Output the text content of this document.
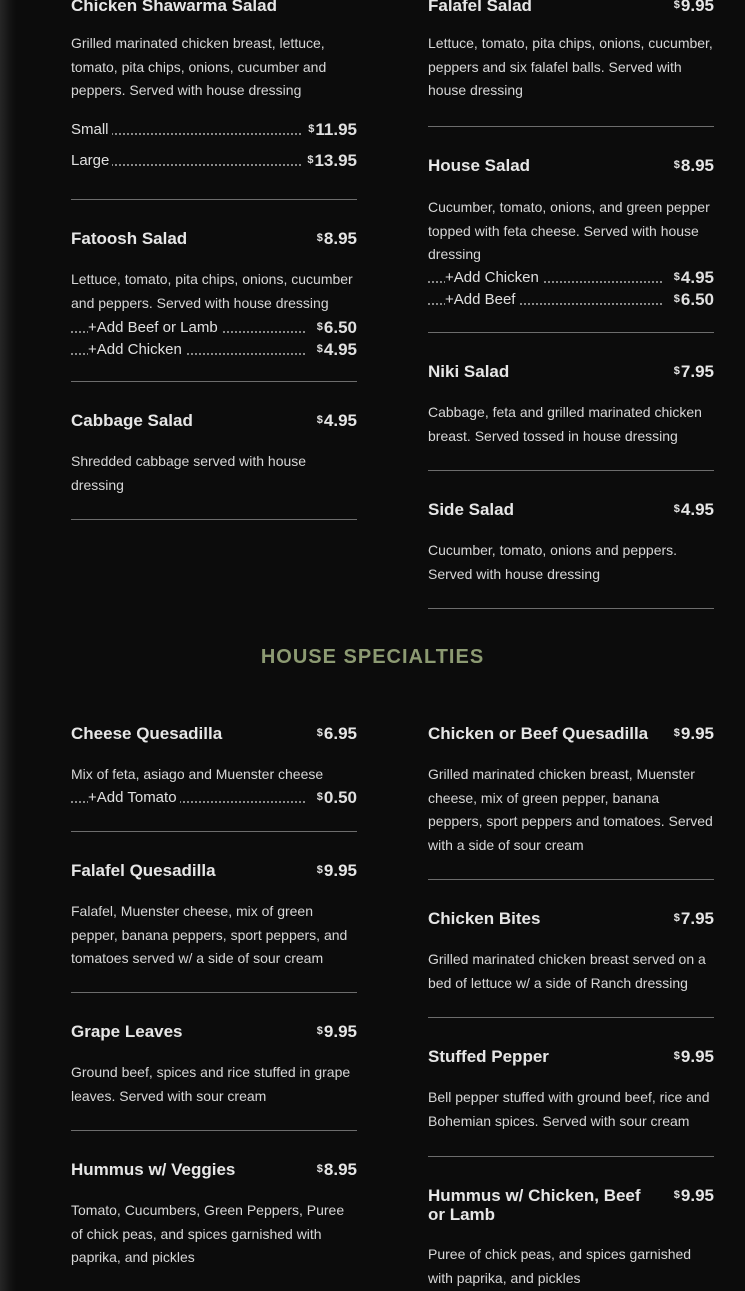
Chicken Shawarma Salad
Grilled marinated chicken breast, lettuce, tomato, pita chips, onions, cucumber and peppers. Served with house dressing
Small	$11.95
Large	$13.95
Fatoosh Salad	$8.95
Lettuce, tomato, pita chips, onions, cucumber and peppers. Served with house dressing
+Add Beef or Lamb	$6.50
+Add Chicken	$4.95
Cabbage Salad	$4.95
Shredded cabbage served with house dressing
Falafel Salad	$9.95
Lettuce, tomato, pita chips, onions, cucumber, peppers and six falafel balls. Served with house dressing
House Salad	$8.95
Cucumber, tomato, onions, and green pepper topped with feta cheese. Served with house dressing
+Add Chicken	$4.95
+Add Beef	$6.50
Niki Salad	$7.95
Cabbage, feta and grilled marinated chicken breast. Served tossed in house dressing
Side Salad	$4.95
Cucumber, tomato, onions and peppers. Served with house dressing
HOUSE SPECIALTIES
Cheese Quesadilla	$6.95
Mix of feta, asiago and Muenster cheese
+Add Tomato	$0.50
Falafel Quesadilla	$9.95
Falafel, Muenster cheese, mix of green pepper, banana peppers, sport peppers, and tomatoes served w/ a side of sour cream
Grape Leaves	$9.95
Ground beef, spices and rice stuffed in grape leaves. Served with sour cream
Hummus w/ Veggies	$8.95
Tomato, Cucumbers, Green Peppers, Puree of chick peas, and spices garnished with paprika, and pickles
Chicken or Beef Quesadilla $9.95
Grilled marinated chicken breast, Muenster cheese, mix of green pepper, banana peppers, sport peppers and tomatoes. Served with a side of sour cream
Chicken Bites	$7.95
Grilled marinated chicken breast served on a bed of lettuce w/ a side of Ranch dressing
Stuffed Pepper	$9.95
Bell pepper stuffed with ground beef, rice and Bohemian spices. Served with sour cream
Hummus w/ Chicken, Beef or Lamb
$9.95
Puree of chick peas, and spices garnished with paprika, and pickles
